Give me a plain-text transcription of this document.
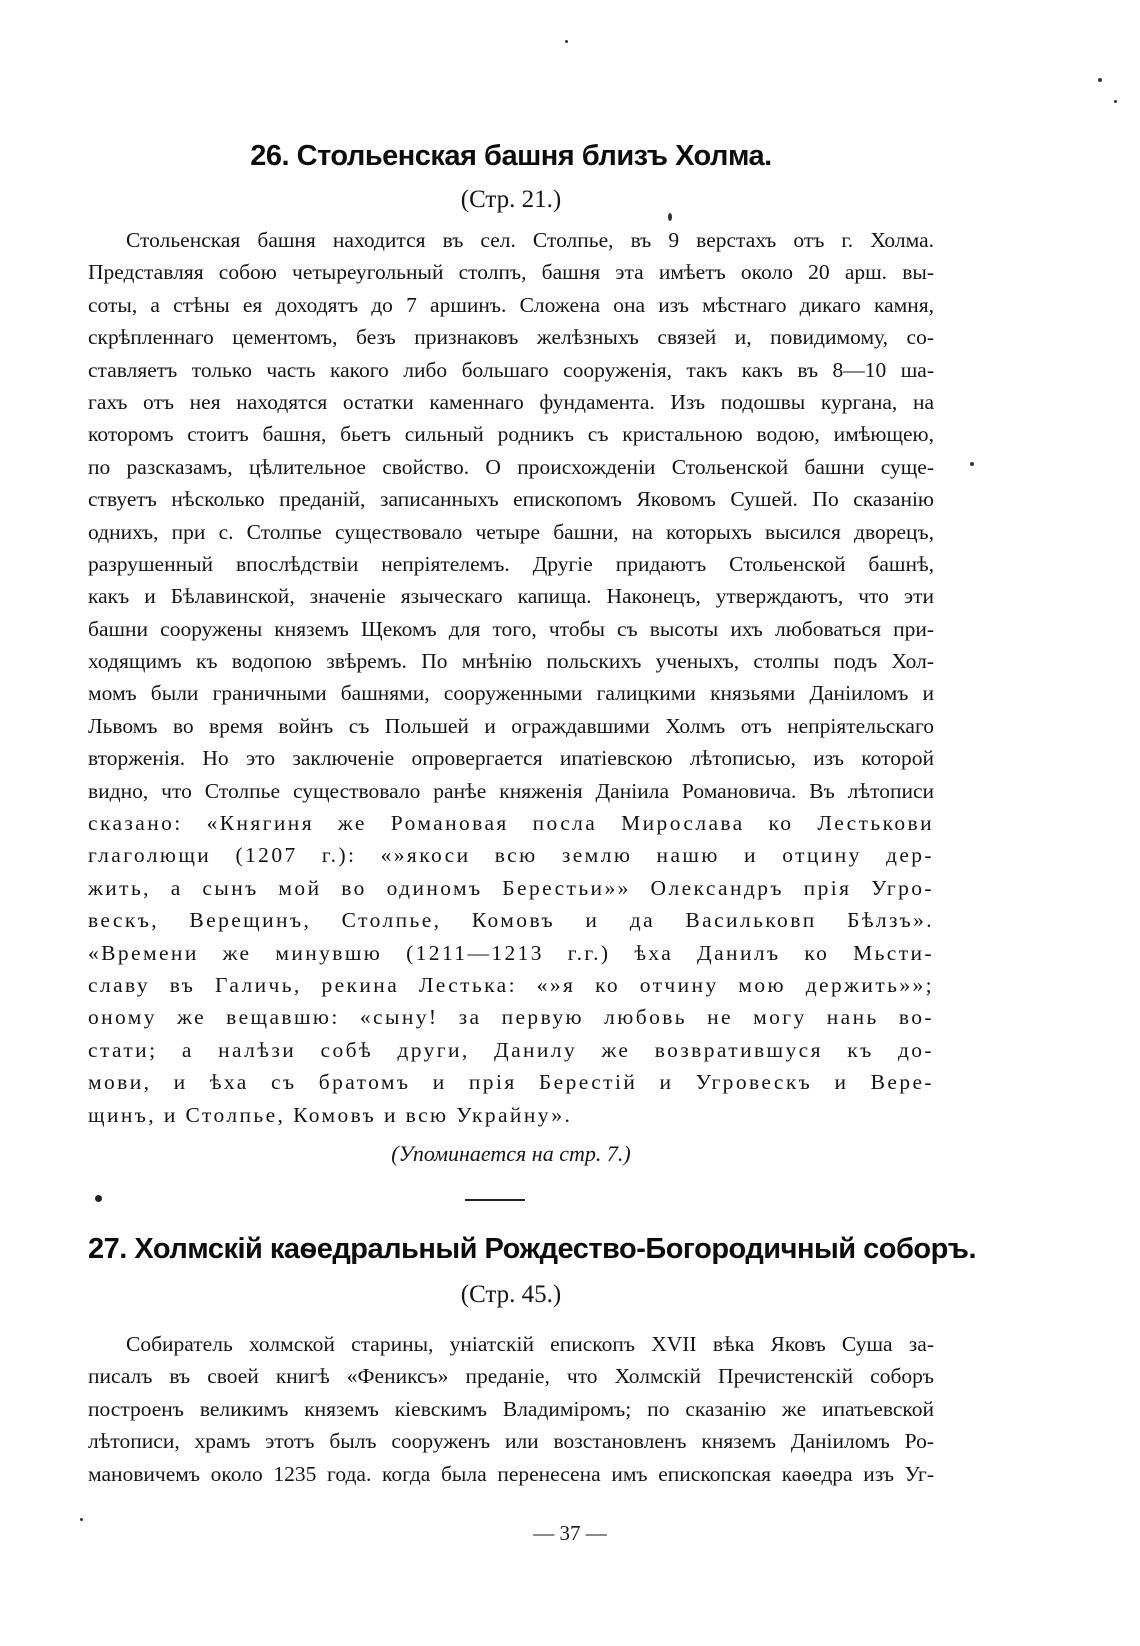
26. Стольенская башня близъ Холма.
(Стр. 21.)
Стольенская башня находится въ сел. Столпье, въ 9 верстахъ отъ г. Холма.
Представляя собою четыреугольный столпъ, башня эта имѣетъ около 20 арш. вы-
соты, а стѣны ея доходятъ до 7 аршинъ. Сложена она изъ мѣстнаго дикаго камня,
скрѣпленнаго цементомъ, безъ признаковъ желѣзныхъ связей и, повидимому, со-
ставляетъ только часть какого либо большаго сооруженія, такъ какъ въ 8—10 ша-
гахъ отъ нея находятся остатки каменнаго фундамента. Изъ подошвы кургана, на
которомъ стоитъ башня, бьетъ сильный родникъ съ кристальною водою, имѣющею,
по разсказамъ, цѣлительное свойство. О происхожденіи Стольенской башни суще-
ствуетъ нѣсколько преданій, записанныхъ епископомъ Яковомъ Сушей. По сказанію
однихъ, при с. Столпье существовало четыре башни, на которыхъ высился дворецъ,
разрушенный впослѣдствіи непріятелемъ. Другіе придаютъ Стольенской башнѣ,
какъ и Бѣлавинской, значеніе языческаго капища. Наконецъ, утверждаютъ, что эти
башни сооружены княземъ Щекомъ для того, чтобы съ высоты ихъ любоваться при-
ходящимъ къ водопою звѣремъ. По мнѣнію польскихъ ученыхъ, столпы подъ Хол-
момъ были граничными башнями, сооруженными галицкими князьями Даніиломъ и
Львомъ во время войнъ съ Польшей и ограждавшими Холмъ отъ непріятельскаго
вторженія. Но это заключеніе опровергается ипатіевскою лѣтописью, изъ которой
видно, что Столпье существовало ранѣе княженія Даніила Романовича. Въ лѣтописи
сказано: «Княгиня же Романовая посла Мирослава ко Лестькови
глаголющи (1207 г.): «»якоси всю землю нашю и отцину дер-
жить, а сынъ мой во одиномъ Берестьи»» Олександръ прія Угро-
вескъ, Верещинъ, Столпье, Комовъ и да Васильковп Бѣлзъ».
«Времени же минувшю (1211—1213 г.г.) ѣха Данилъ ко Мьсти-
славу въ Галичь, рекина Лестька: «»я ко отчину мою держить»»;
оному же вещавшю: «сыну! за первую любовь не могу нань во-
стати; а налѣзи собѣ други, Данилу же возвратившуся къ до-
мови, и ѣха съ братомъ и прія Берестій и Угровескъ и Вере-
щинъ, и Столпье, Комовъ и всю Украйну».
(Упоминается на стр. 7.)
27. Холмскій каѳедральный Рождество-Богородичный соборъ.
(Стр. 45.)
Собиратель холмской старины, уніатскій епископъ XVII вѣка Яковъ Суша за-
писалъ въ своей книгѣ «Фениксъ» преданіе, что Холмскій Пречистенскій соборъ
построенъ великимъ княземъ кіевскимъ Владиміромъ; по сказанію же ипатьевской
лѣтописи, храмъ этотъ былъ сооруженъ или возстановленъ княземъ Даніиломъ Ро-
мановичемъ около 1235 года. когда была перенесена имъ епископская каѳедра изъ Уг-
— 37 —
